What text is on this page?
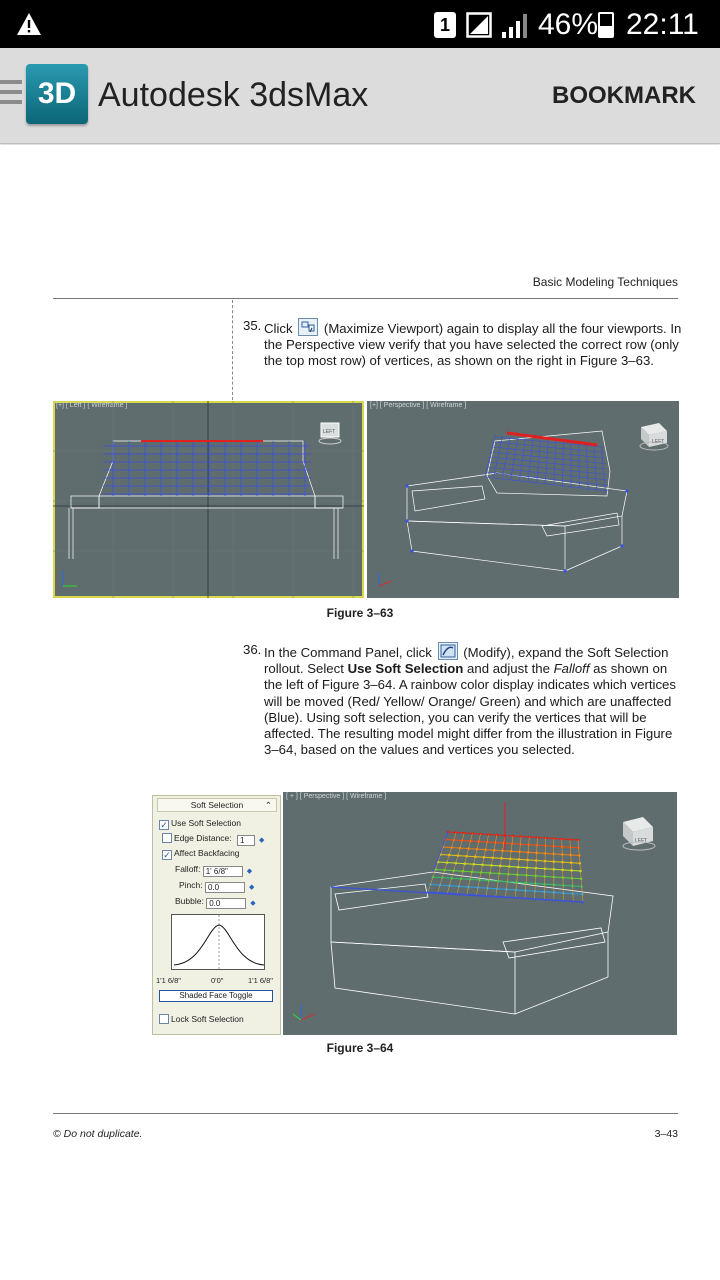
1	46% 22:11
3D Autodesk 3dsMax	BOOKMARK
Basic Modeling Techniques
35. Click (Maximize Viewport) again to display all the four viewports. In the Perspective view verify that you have selected the correct row (only the top most row) of vertices, as shown on the right in Figure 3–63.
[+] [ Left ] [ Wireframe ]
LEFT
[+] [ Perspective ] [ Wireframe ]
LEFT
Figure 3–63
36. In the Command Panel, click (Modify), expand the Soft Selection rollout. Select Use Soft Selection and adjust the Falloff as shown on the left of Figure 3–64. A rainbow color display indicates which vertices will be moved (Red/ Yellow/ Orange/ Green) and which are unaffected (Blue). Using soft selection, you can verify the vertices that will be affected. The resulting model might differ from the illustration in Figure 3–64, based on the values and vertices you selected.
Soft Selection	⌃
✓ Use Soft Selection
Edge Distance: 1 ◆
✓ Affect Backfacing
Falloff: 1' 6/8"	◆
Pinch: 0.0	◆
Bubble: 0.0	◆
1'1 6/8"	0'0"	1'1 6/8"
Shaded Face Toggle
Lock Soft Selection
[ + ] [ Perspective ] [ Wireframe ]
LEFT
Figure 3–64
© Do not duplicate.	3–43
